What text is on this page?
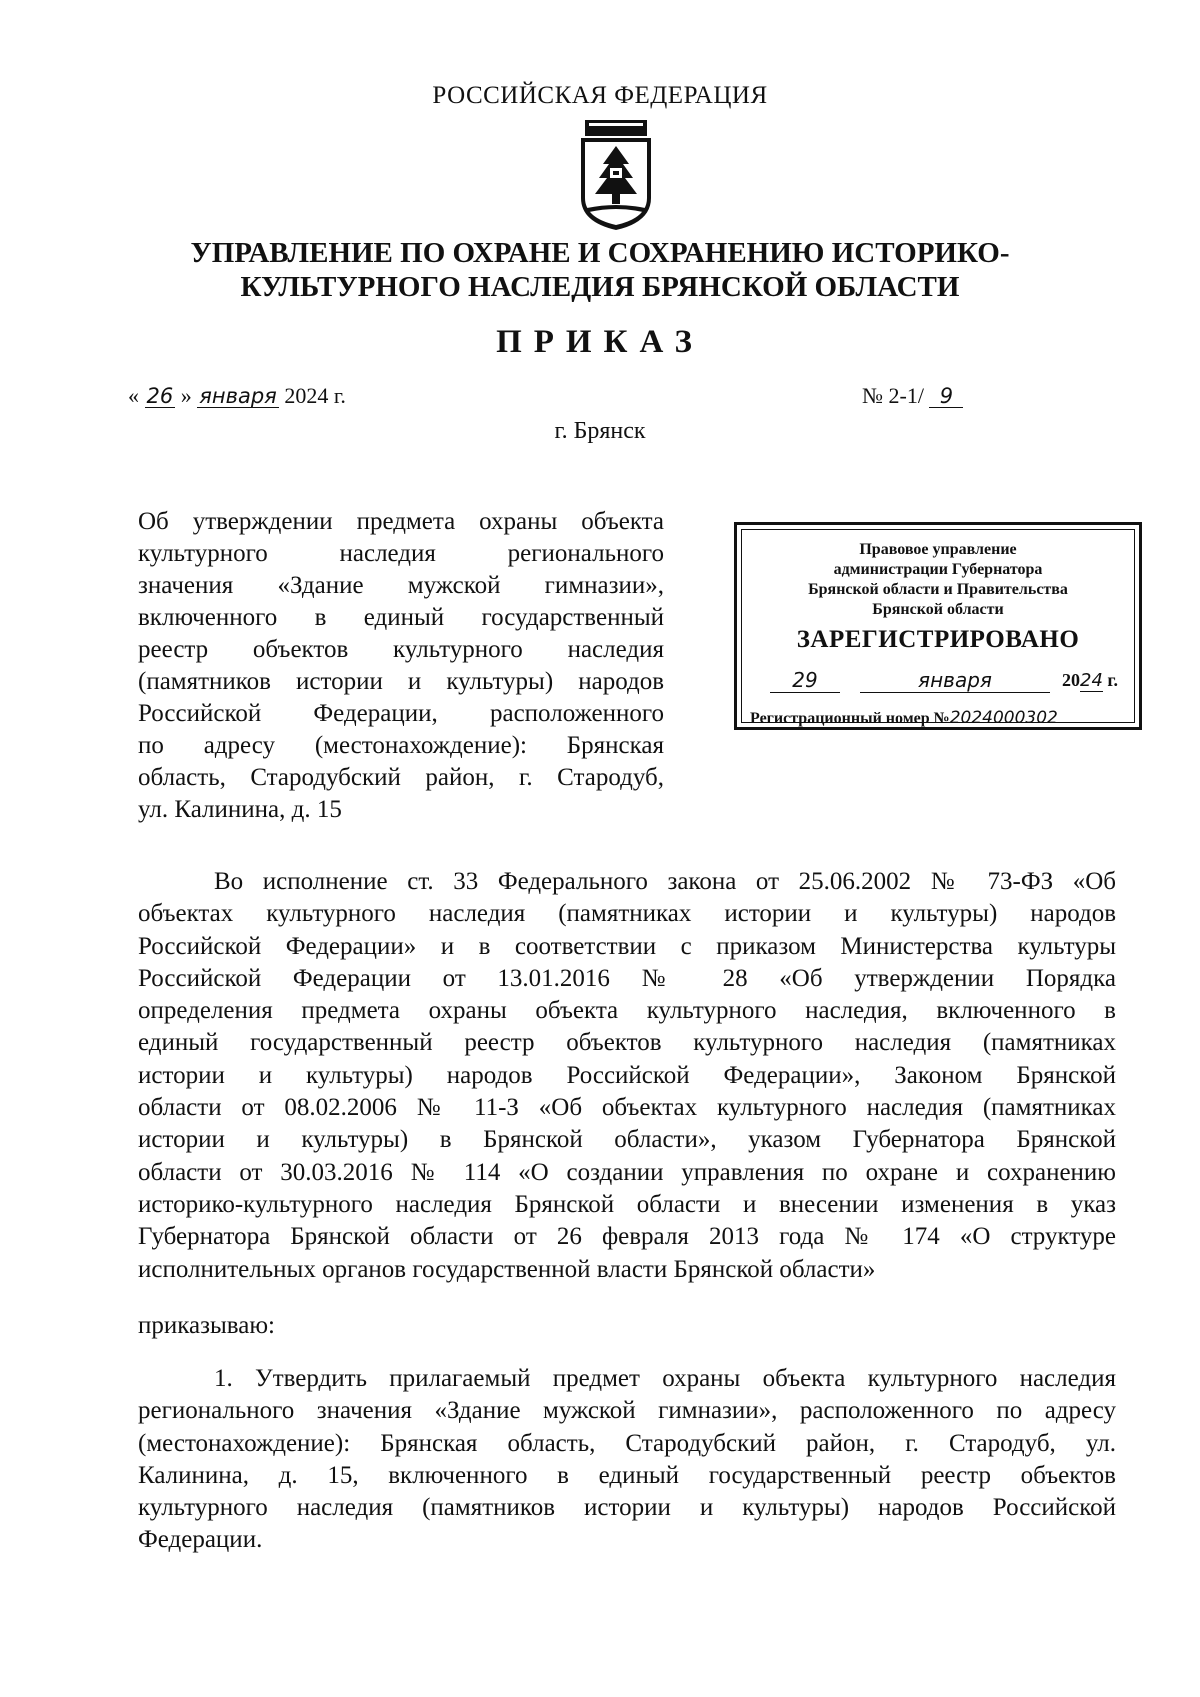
РОССИЙСКАЯ ФЕДЕРАЦИЯ
УПРАВЛЕНИЕ ПО ОХРАНЕ И СОХРАНЕНИЮ ИСТОРИКО-
КУЛЬТУРНОГО НАСЛЕДИЯ БРЯНСКОЙ ОБЛАСТИ
ПРИКАЗ
« 26 » января 2024 г.	№ 2-1/ 9
г. Брянск
Об утверждении предмета охраны объекта
культурного наследия регионального
значения «Здание мужской гимназии»,
включенного в единый государственный
реестр объектов культурного наследия
(памятников истории и культуры) народов
Российской Федерации, расположенного
по адресу (местонахождение): Брянская
область, Стародубский район, г. Стародуб,
ул. Калинина, д. 15
Правовое управление
администрации Губернатора
Брянской области и Правительства
Брянской области
ЗАРЕГИСТРИРОВАНО
29	января	2024 г.
Регистрационный номер №2024000302
Во исполнение ст. 33 Федерального закона от 25.06.2002 № 73-ФЗ «Об
объектах культурного наследия (памятниках истории и культуры) народов
Российской Федерации» и в соответствии с приказом Министерства культуры
Российской Федерации от 13.01.2016 № 28 «Об утверждении Порядка
определения предмета охраны объекта культурного наследия, включенного в
единый государственный реестр объектов культурного наследия (памятниках
истории и культуры) народов Российской Федерации», Законом Брянской
области от 08.02.2006 № 11-З «Об объектах культурного наследия (памятниках
истории и культуры) в Брянской области», указом Губернатора Брянской
области от 30.03.2016 № 114 «О создании управления по охране и сохранению
историко-культурного наследия Брянской области и внесении изменения в указ
Губернатора Брянской области от 26 февраля 2013 года № 174 «О структуре
исполнительных органов государственной власти Брянской области»
приказываю:
1. Утвердить прилагаемый предмет охраны объекта культурного наследия
регионального значения «Здание мужской гимназии», расположенного по адресу
(местонахождение): Брянская область, Стародубский район, г. Стародуб, ул.
Калинина, д. 15, включенного в единый государственный реестр объектов
культурного наследия (памятников истории и культуры) народов Российской
Федерации.
